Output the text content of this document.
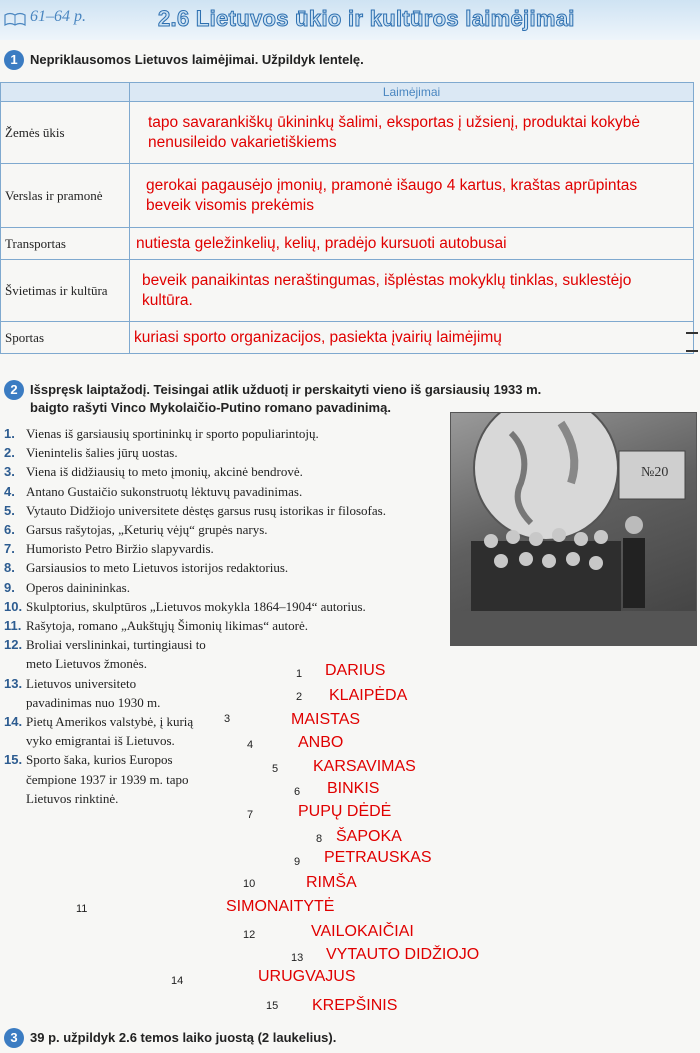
61–64 p.	2.6 Lietuvos ūkio ir kultūros laimėjimai
1 Nepriklausomos Lietuvos laimėjimai. Užpildyk lentelę.
	Laimėjimai
Žemės ūkis	tapo savarankiškų ūkininkų šalimi, eksportas į užsienį, produktai kokybė nenusileido vakarietiškiems
Verslas ir pramonė	gerokai pagausėjo įmonių, pramonė išaugo 4 kartus, kraštas aprūpintas beveik visomis prekėmis
Transportas	nutiesta geležinkelių, kelių, pradėjo kursuoti autobusai
Švietimas ir kultūra	beveik panaikintas neraštingumas, išplėstas mokyklų tinklas, suklestėjo kultūra.
Sportas	kuriasi sporto organizacijos, pasiekta įvairių laimėjimų
2 Išspręsk laiptažodį. Teisingai atlik užduotį ir perskaityti vieno iš garsiausių 1933 m.
baigto rašyti Vinco Mykolaičio-Putino romano pavadinimą.
1. Vienas iš garsiausių sportininkų ir sporto populiarintojų.
2. Vienintelis šalies jūrų uostas.
3. Viena iš didžiausių to meto įmonių, akcinė bendrovė.
4. Antano Gustaičio sukonstruotų lėktuvų pavadinimas.
5. Vytauto Didžiojo universitete dėstęs garsus rusų istorikas ir filosofas.
6. Garsus rašytojas, „Keturių vėjų“ grupės narys.
7. Humoristo Petro Biržio slapyvardis.
8. Garsiausios to meto Lietuvos istorijos redaktorius.
9. Operos dainininkas.
10. Skulptorius, skulptūros „Lietuvos mokykla 1864–1904“ autorius.
11. Rašytoja, romano „Aukštųjų Šimonių likimas“ autorė.
12. Broliai verslininkai, turtingiausi to meto Lietuvos žmonės.
13. Lietuvos universiteto pavadinimas nuo 1930 m.
14. Pietų Amerikos valstybė, į kurią vyko emigrantai iš Lietuvos.
15. Sporto šaka, kurios Europos čempione 1937 ir 1939 m. tapo Lietuvos rinktinė.
№20
1 DARIUS
2 KLAIPĖDA
3	MAISTAS
4	ANBO
5 KARSAVIMAS
6 BINKIS
7	PUPŲ DĖDĖ
8 ŠAPOKA
9 PETRAUSKAS
10	RIMŠA
11	SIMONAITYTĖ
12	VAILOKAIČIAI
13 VYTAUTO DIDŽIOJO
14	URUGVAJUS
15 KREPŠINIS
3 39 p. užpildyk 2.6 temos laiko juostą (2 laukelius).
